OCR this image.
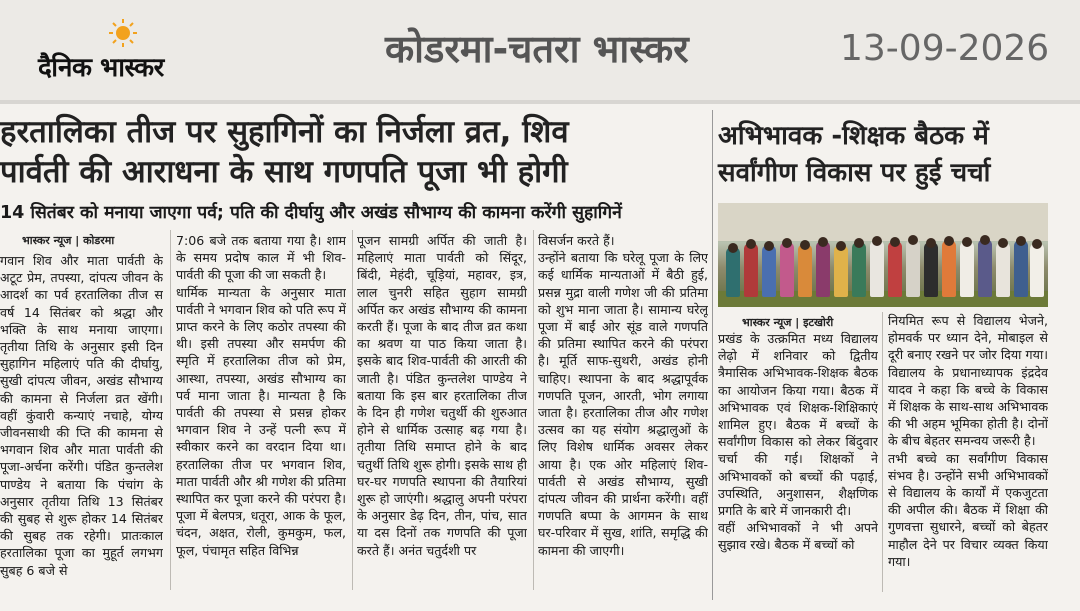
दैनिक भास्कर	कोडरमा-चतरा भास्कर	13-09-2026
हरतालिका तीज पर सुहागिनों का निर्जला व्रत, शिव
पार्वती की आराधना के साथ गणपति पूजा भी होगी
14 सितंबर को मनाया जाएगा पर्व; पति की दीर्घायु और अखंड सौभाग्य की कामना करेंगी सुहागिनें
भास्कर न्यूज | कोडरमा

गवान शिव और माता पार्वती के अटूट प्रेम, तपस्या, दांपत्य जीवन के आदर्श का पर्व हरतालिका तीज स वर्ष 14 सितंबर को श्रद्धा और भक्ति के साथ मनाया जाएगा। तृतीया तिथि के अनुसार इसी दिन सुहागिन महिलाएं पति की दीर्घायु, सुखी दांपत्य जीवन, अखंड सौभाग्य की कामना से निर्जला व्रत खेंगी। वहीं कुंवारी कन्याएं नचाहे, योग्य जीवनसाथी की प्ति की कामना से भगवान शिव और माता पार्वती की पूजा-अर्चना करेंगी। पंडित कुन्तलेश पाण्डेय ने बताया कि पंचांग के अनुसार तृतीया तिथि 13 सितंबर की सुबह से शुरू होकर 14 सितंबर की सुबह तक रहेगी। प्रातःकाल हरतालिका पूजा का मुहूर्त लगभग सुबह 6 बजे से

7:06 बजे तक बताया गया है। शाम के समय प्रदोष काल में भी शिव-पार्वती की पूजा की जा सकती है।

धार्मिक मान्यता के अनुसार माता पार्वती ने भगवान शिव को पति रूप में प्राप्त करने के लिए कठोर तपस्या की थी। इसी तपस्या और समर्पण की स्मृति में हरतालिका तीज को प्रेम, आस्था, तपस्या, अखंड सौभाग्य का पर्व माना जाता है। मान्यता है कि पार्वती की तपस्या से प्रसन्न होकर भगवान शिव ने उन्हें पत्नी रूप में स्वीकार करने का वरदान दिया था। हरतालिका तीज पर भगवान शिव, माता पार्वती और श्री गणेश की प्रतिमा स्थापित कर पूजा करने की परंपरा है। पूजा में बेलपत्र, धतूरा, आक के फूल, चंदन, अक्षत, रोली, कुमकुम, फल, फूल, पंचामृत सहित विभिन्न

पूजन सामग्री अर्पित की जाती है। महिलाएं माता पार्वती को सिंदूर, बिंदी, मेहंदी, चूड़ियां, महावर, इत्र, लाल चुनरी सहित सुहाग सामग्री अर्पित कर अखंड सौभाग्य की कामना करती हैं। पूजा के बाद तीज व्रत कथा का श्रवण या पाठ किया जाता है। इसके बाद शिव-पार्वती की आरती की जाती है। पंडित कुन्तलेश पाण्डेय ने बताया कि इस बार हरतालिका तीज के दिन ही गणेश चतुर्थी की शुरुआत होने से धार्मिक उत्साह बढ़ गया है। तृतीया तिथि समाप्त होने के बाद चतुर्थी तिथि शुरू होगी। इसके साथ ही घर-घर गणपति स्थापना की तैयारियां शुरू हो जाएंगी। श्रद्धालु अपनी परंपरा के अनुसार डेढ़ दिन, तीन, पांच, सात या दस दिनों तक गणपति की पूजा करते हैं। अनंत चतुर्दशी पर

विसर्जन करते हैं।

उन्होंने बताया कि घरेलू पूजा के लिए कई धार्मिक मान्यताओं में बैठी हुई, प्रसन्न मुद्रा वाली गणेश जी की प्रतिमा को शुभ माना जाता है। सामान्य घरेलू पूजा में बाईं ओर सूंड वाले गणपति की प्रतिमा स्थापित करने की परंपरा है। मूर्ति साफ-सुथरी, अखंड होनी चाहिए। स्थापना के बाद श्रद्धापूर्वक गणपति पूजन, आरती, भोग लगाया जाता है। हरतालिका तीज और गणेश उत्सव का यह संयोग श्रद्धालुओं के लिए विशेष धार्मिक अवसर लेकर आया है। एक ओर महिलाएं शिव-पार्वती से अखंड सौभाग्य, सुखी दांपत्य जीवन की प्रार्थना करेंगी। वहीं गणपति बप्पा के आगमन के साथ घर-परिवार में सुख, शांति, समृद्धि की कामना की जाएगी।

अभिभावक -शिक्षक बैठक में सर्वांगीण विकास पर हुई चर्चा
भास्कर न्यूज | इटखोरी

प्रखंड के उत्क्रमित मध्य विद्यालय लेढ़ो में शनिवार को द्वितीय त्रैमासिक अभिभावक-शिक्षक बैठक का आयोजन किया गया। बैठक में अभिभावक एवं शिक्षक-शिक्षिकाएं शामिल हुए। बैठक में बच्चों के सर्वांगीण विकास को लेकर बिंदुवार चर्चा की गई। शिक्षकों ने अभिभावकों को बच्चों की पढ़ाई, उपस्थिति, अनुशासन, शैक्षणिक प्रगति के बारे में जानकारी दी।

वहीं अभिभावकों ने भी अपने सुझाव रखे। बैठक में बच्चों को

नियमित रूप से विद्यालय भेजने, होमवर्क पर ध्यान देने, मोबाइल से दूरी बनाए रखने पर जोर दिया गया। विद्यालय के प्रधानाध्यापक इंद्रदेव यादव ने कहा कि बच्चे के विकास में शिक्षक के साथ-साथ अभिभावक की भी अहम भूमिका होती है। दोनों के बीच बेहतर समन्वय जरूरी है।

तभी बच्चे का सर्वांगीण विकास संभव है। उन्होंने सभी अभिभावकों से विद्यालय के कार्यों में एकजुटता की अपील की। बैठक में शिक्षा की गुणवत्ता सुधारने, बच्चों को बेहतर माहौल देने पर विचार व्यक्त किया गया।
